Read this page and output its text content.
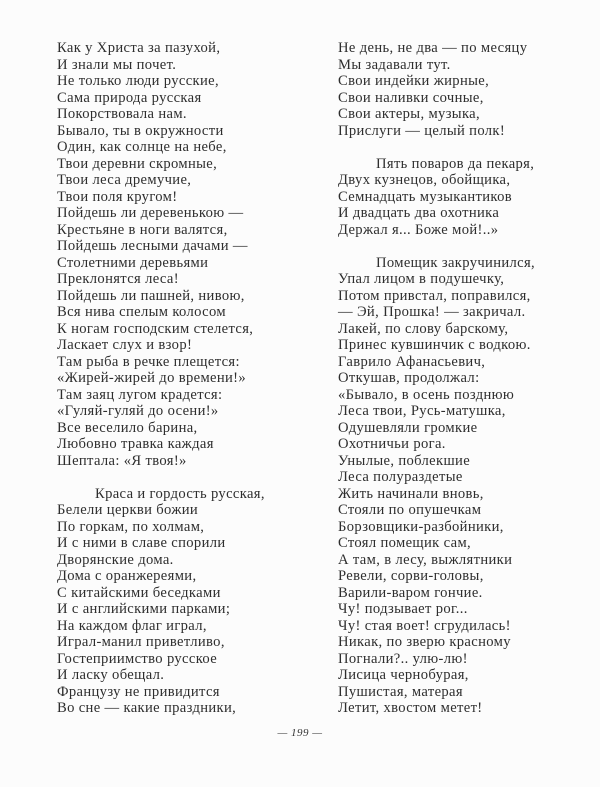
Как у Христа за пазухой,
И знали мы почет.
Не только люди русские,
Сама природа русская
Покорствовала нам.
Бывало, ты в окружности
Один, как солнце на небе,
Твои деревни скромные,
Твои леса дремучие,
Твои поля кругом!
Пойдешь ли деревенькою —
Крестьяне в ноги валятся,
Пойдешь лесными дачами —
Столетними деревьями
Преклонятся леса!
Пойдешь ли пашней, нивою,
Вся нива спелым колосом
К ногам господским стелется,
Ласкает слух и взор!
Там рыба в речке плещется:
«Жирей-жирей до времени!»
Там заяц лугом крадется:
«Гуляй-гуляй до осени!»
Все веселило барина,
Любовно травка каждая
Шептала: «Я твоя!»
Краса и гордость русская,
Белели церкви божии
По горкам, по холмам,
И с ними в славе спорили
Дворянские дома.
Дома с оранжереями,
С китайскими беседками
И с английскими парками;
На каждом флаг играл,
Играл-манил приветливо,
Гостеприимство русское
И ласку обещал.
Французу не привидится
Во сне — какие праздники,
Не день, не два — по месяцу
Мы задавали тут.
Свои индейки жирные,
Свои наливки сочные,
Свои актеры, музыка,
Прислуги — целый полк!
Пять поваров да пекаря,
Двух кузнецов, обойщика,
Семнадцать музыкантиков
И двадцать два охотника
Держал я... Боже мой!..»
Помещик закручинился,
Упал лицом в подушечку,
Потом привстал, поправился,
— Эй, Прошка! — закричал.
Лакей, по слову барскому,
Принес кувшинчик с водкою.
Гаврило Афанасьевич,
Откушав, продолжал:
«Бывало, в осень позднюю
Леса твои, Русь-матушка,
Одушевляли громкие
Охотничьи рога.
Унылые, поблекшие
Леса полураздетые
Жить начинали вновь,
Стояли по опушечкам
Борзовщики-разбойники,
Стоял помещик сам,
А там, в лесу, выжлятники
Ревели, сорви-головы,
Варили-варом гончие.
Чу! подзывает рог...
Чу! стая воет! сгрудилась!
Никак, по зверю красному
Погнали?.. улю-лю!
Лисица чернобурая,
Пушистая, матерая
Летит, хвостом метет!
— 199 —
